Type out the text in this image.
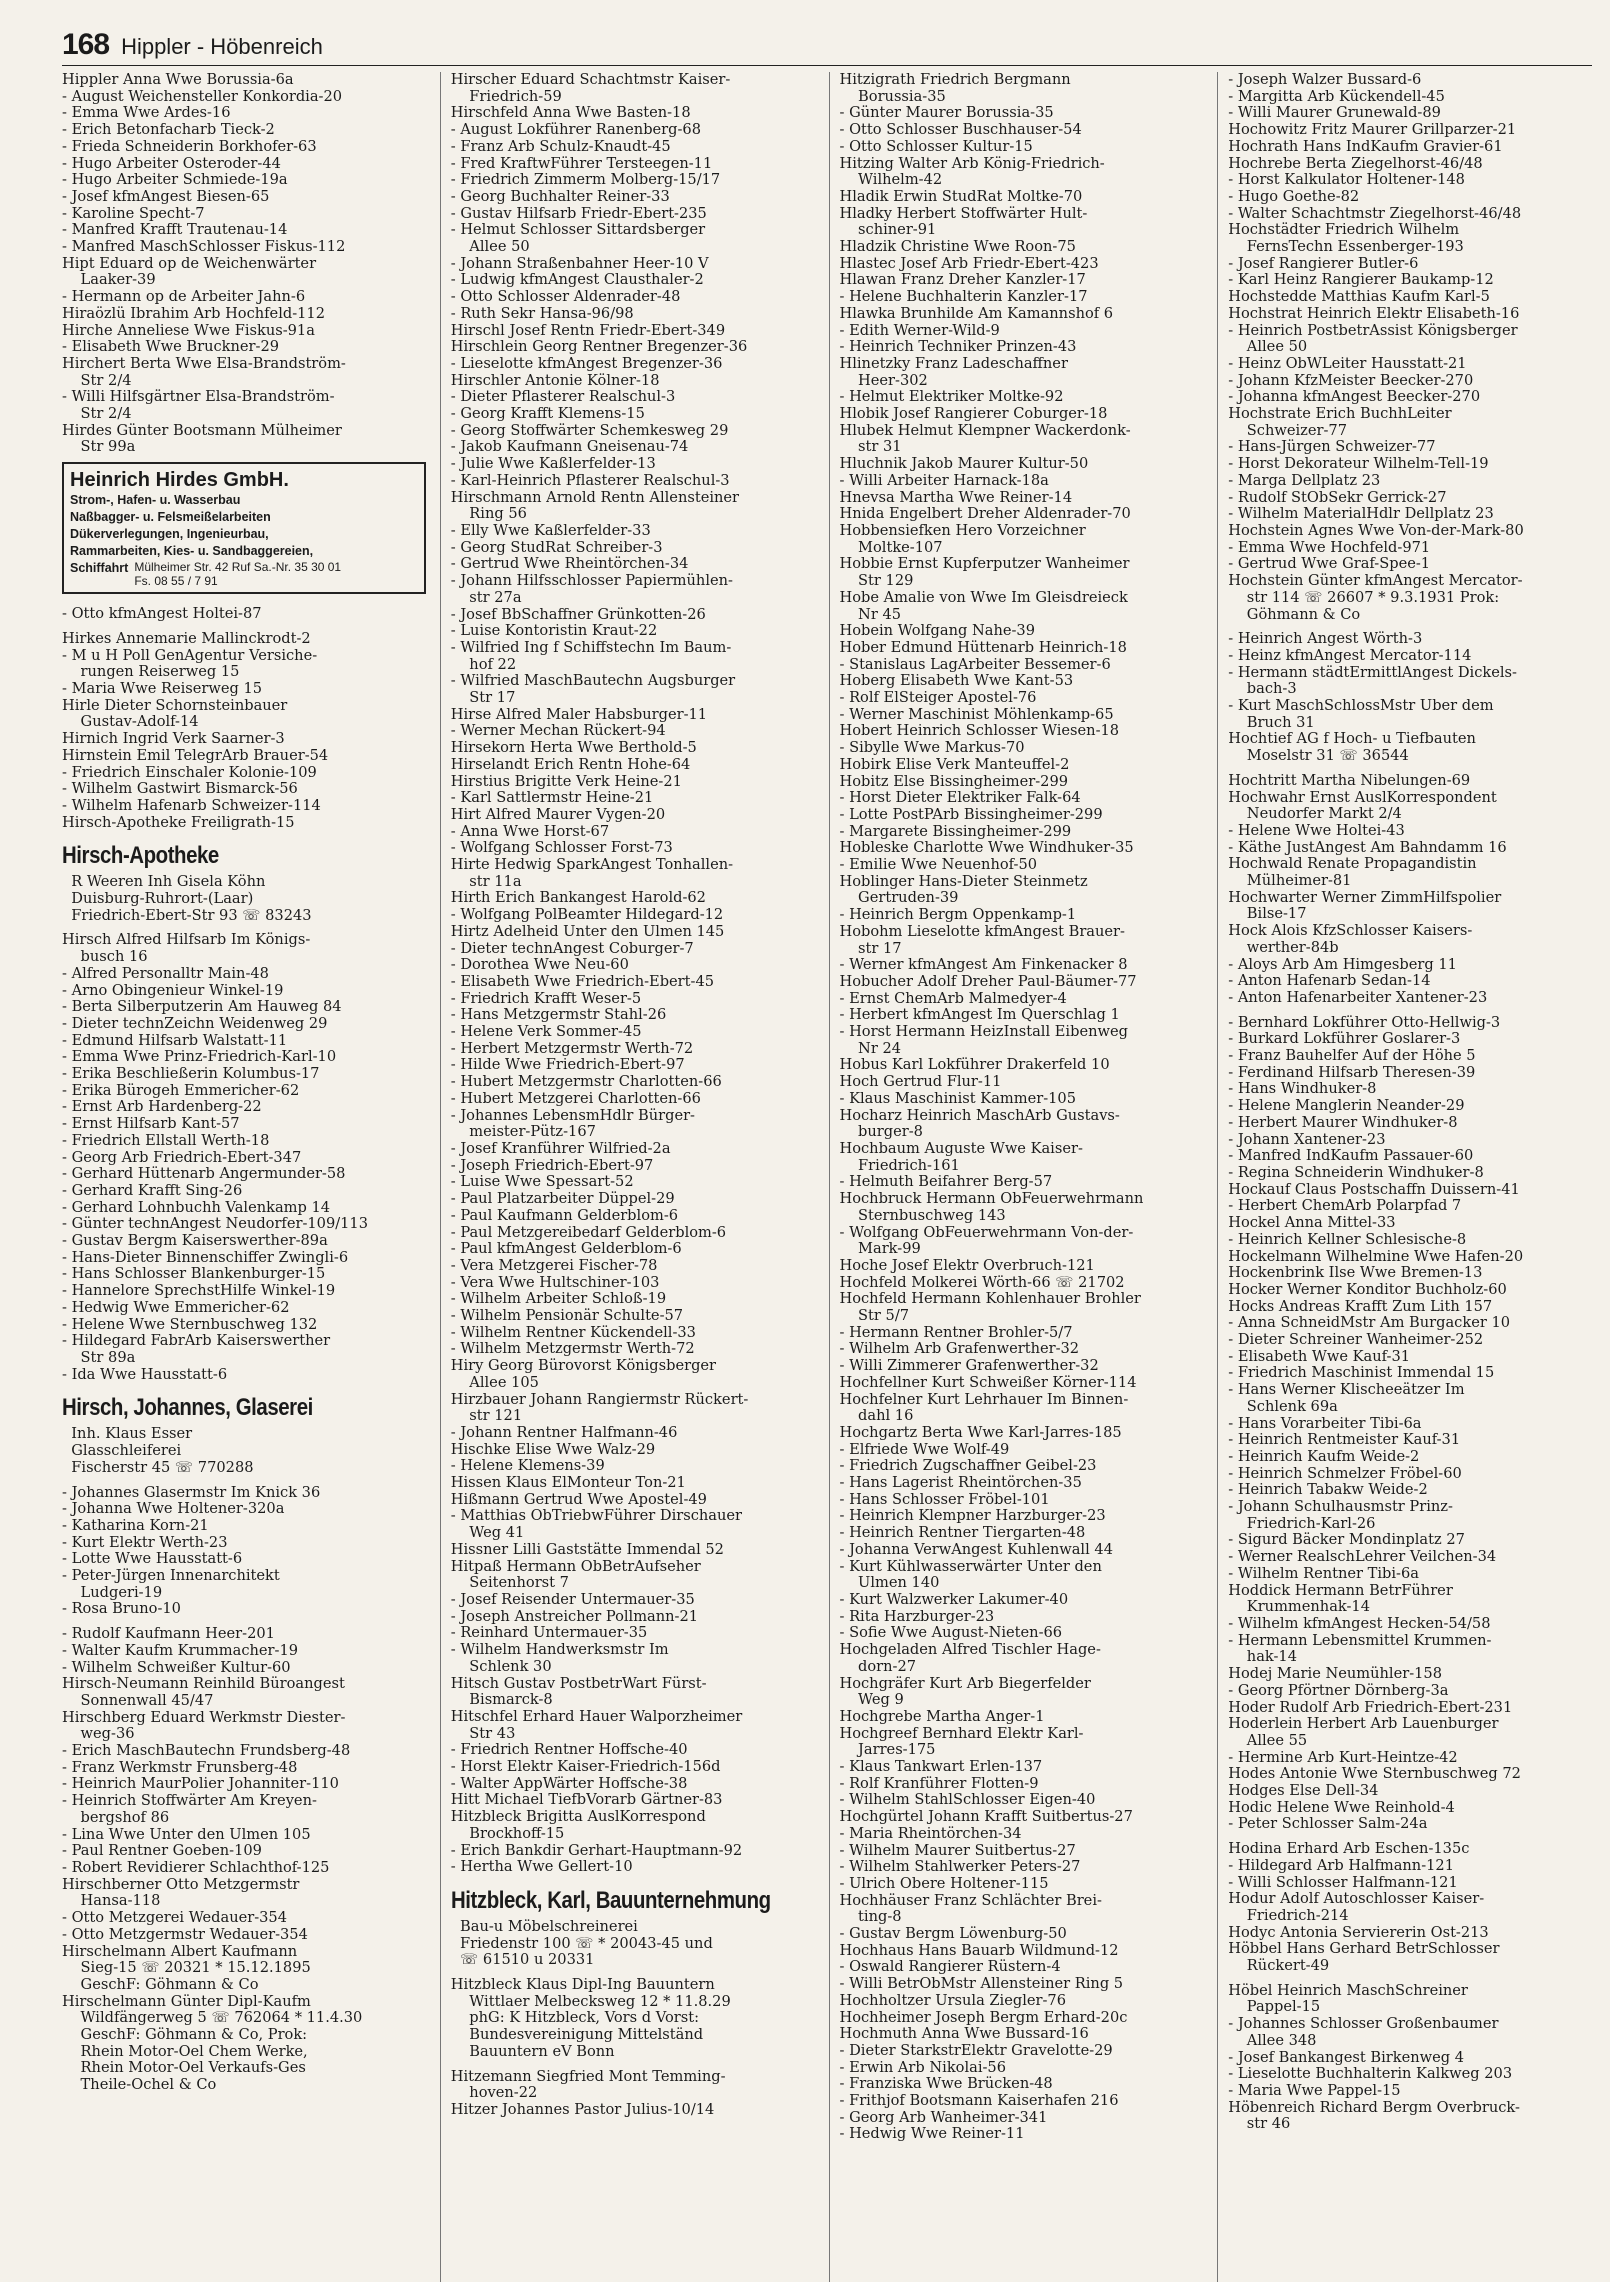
168 Hippler - Höbenreich
Hippler Anna Wwe Borussia-6a
- August Weichensteller Konkordia-20
- Emma Wwe Ardes-16
- Erich Betonfacharb Tieck-2
- Frieda Schneiderin Borkhofer-63
- Hugo Arbeiter Osteroder-44
- Hugo Arbeiter Schmiede-19a
- Josef kfmAngest Biesen-65
- Karoline Specht-7
- Manfred Krafft Trautenau-14
- Manfred MaschSchlosser Fiskus-112
Hipt Eduard op de Weichenwärter
Laaker-39
- Hermann op de Arbeiter Jahn-6
Hiraözlü Ibrahim Arb Hochfeld-112
Hirche Anneliese Wwe Fiskus-91a
- Elisabeth Wwe Bruckner-29
Hirchert Berta Wwe Elsa-Brandström-
Str 2/4
- Willi Hilfsgärtner Elsa-Brandström-
Str 2/4
Hirdes Günter Bootsmann Mülheimer
Str 99a
Heinrich Hirdes GmbH.
Strom-, Hafen- u. Wasserbau
Naßbagger- u. Felsmeißelarbeiten
Dükerverlegungen, Ingenieurbau,
Rammarbeiten, Kies- u. Sandbaggereien,
Schiffahrt Mülheimer Str. 42 Ruf Sa.-Nr. 35 30 01
Fs. 08 55 / 7 91
- Otto kfmAngest Holtei-87

Hirkes Annemarie Mallinckrodt-2
- M u H Poll GenAgentur Versiche-
rungen Reiserweg 15
- Maria Wwe Reiserweg 15
Hirle Dieter Schornsteinbauer
Gustav-Adolf-14
Hirnich Ingrid Verk Saarner-3
Hirnstein Emil TelegrArb Brauer-54
- Friedrich Einschaler Kolonie-109
- Wilhelm Gastwirt Bismarck-56
- Wilhelm Hafenarb Schweizer-114
Hirsch-Apotheke Freiligrath-15
Hirsch-Apotheke
R Weeren Inh Gisela Köhn
Duisburg-Ruhrort-(Laar)
Friedrich-Ebert-Str 93 ☏ 83243

Hirsch Alfred Hilfsarb Im Königs-
busch 16
- Alfred Personalltr Main-48
- Arno Obingenieur Winkel-19
- Berta Silberputzerin Am Hauweg 84
- Dieter technZeichn Weidenweg 29
- Edmund Hilfsarb Walstatt-11
- Emma Wwe Prinz-Friedrich-Karl-10
- Erika Beschließerin Kolumbus-17
- Erika Bürogeh Emmericher-62
- Ernst Arb Hardenberg-22
- Ernst Hilfsarb Kant-57
- Friedrich Ellstall Werth-18
- Georg Arb Friedrich-Ebert-347
- Gerhard Hüttenarb Angermunder-58
- Gerhard Krafft Sing-26
- Gerhard Lohnbuchh Valenkamp 14
- Günter technAngest Neudorfer-109/113
- Gustav Bergm Kaiserswerther-89a
- Hans-Dieter Binnenschiffer Zwingli-6
- Hans Schlosser Blankenburger-15
- Hannelore SprechstHilfe Winkel-19
- Hedwig Wwe Emmericher-62
- Helene Wwe Sternbuschweg 132
- Hildegard FabrArb Kaiserswerther
Str 89a
- Ida Wwe Hausstatt-6
Hirsch, Johannes, Glaserei
Inh. Klaus Esser
Glasschleiferei
Fischerstr 45 ☏ 770288

- Johannes Glasermstr Im Knick 36
- Johanna Wwe Holtener-320a
- Katharina Korn-21
- Kurt Elektr Werth-23
- Lotte Wwe Hausstatt-6
- Peter-Jürgen Innenarchitekt
Ludgeri-19
- Rosa Bruno-10

- Rudolf Kaufmann Heer-201
- Walter Kaufm Krummacher-19
- Wilhelm Schweißer Kultur-60
Hirsch-Neumann Reinhild Büroangest
Sonnenwall 45/47
Hirschberg Eduard Werkmstr Diester-
weg-36
- Erich MaschBautechn Frundsberg-48
- Franz Werkmstr Frunsberg-48
- Heinrich MaurPolier Johanniter-110
- Heinrich Stoffwärter Am Kreyen-
bergshof 86
- Lina Wwe Unter den Ulmen 105
- Paul Rentner Goeben-109
- Robert Revidierer Schlachthof-125
Hirschberner Otto Metzgermstr
Hansa-118
- Otto Metzgerei Wedauer-354
- Otto Metzgermstr Wedauer-354
Hirschelmann Albert Kaufmann
Sieg-15 ☏ 20321 * 15.12.1895
GeschF: Göhmann & Co
Hirschelmann Günter Dipl-Kaufm
Wildfängerweg 5 ☏ 762064 * 11.4.30
GeschF: Göhmann & Co, Prok:
Rhein Motor-Oel Chem Werke,
Rhein Motor-Oel Verkaufs-Ges
Theile-Ochel & Co
Hirscher Eduard Schachtmstr Kaiser-
Friedrich-59
Hirschfeld Anna Wwe Basten-18
- August Lokführer Ranenberg-68
- Franz Arb Schulz-Knaudt-45
- Fred KraftwFührer Tersteegen-11
- Friedrich Zimmerm Molberg-15/17
- Georg Buchhalter Reiner-33
- Gustav Hilfsarb Friedr-Ebert-235
- Helmut Schlosser Sittardsberger
Allee 50
- Johann Straßenbahner Heer-10 V
- Ludwig kfmAngest Clausthaler-2
- Otto Schlosser Aldenrader-48
- Ruth Sekr Hansa-96/98
Hirschl Josef Rentn Friedr-Ebert-349
Hirschlein Georg Rentner Bregenzer-36
- Lieselotte kfmAngest Bregenzer-36
Hirschler Antonie Kölner-18
- Dieter Pflasterer Realschul-3
- Georg Krafft Klemens-15
- Georg Stoffwärter Schemkesweg 29
- Jakob Kaufmann Gneisenau-74
- Julie Wwe Kaßlerfelder-13
- Karl-Heinrich Pflasterer Realschul-3
Hirschmann Arnold Rentn Allensteiner
Ring 56
- Elly Wwe Kaßlerfelder-33
- Georg StudRat Schreiber-3
- Gertrud Wwe Rheintörchen-34
- Johann Hilfsschlosser Papiermühlen-
str 27a
- Josef BbSchaffner Grünkotten-26
- Luise Kontoristin Kraut-22
- Wilfried Ing f Schiffstechn Im Baum-
hof 22
- Wilfried MaschBautechn Augsburger
Str 17
Hirse Alfred Maler Habsburger-11
- Werner Mechan Rückert-94
Hirsekorn Herta Wwe Berthold-5
Hirselandt Erich Rentn Hohe-64
Hirstius Brigitte Verk Heine-21
- Karl Sattlermstr Heine-21
Hirt Alfred Maurer Vygen-20
- Anna Wwe Horst-67
- Wolfgang Schlosser Forst-73
Hirte Hedwig SparkAngest Tonhallen-
str 11a
Hirth Erich Bankangest Harold-62
- Wolfgang PolBeamter Hildegard-12
Hirtz Adelheid Unter den Ulmen 145
- Dieter technAngest Coburger-7
- Dorothea Wwe Neu-60
- Elisabeth Wwe Friedrich-Ebert-45
- Friedrich Krafft Weser-5
- Hans Metzgermstr Stahl-26
- Helene Verk Sommer-45
- Herbert Metzgermstr Werth-72
- Hilde Wwe Friedrich-Ebert-97
- Hubert Metzgermstr Charlotten-66
- Hubert Metzgerei Charlotten-66
- Johannes LebensmHdlr Bürger-
meister-Pütz-167
- Josef Kranführer Wilfried-2a
- Joseph Friedrich-Ebert-97
- Luise Wwe Spessart-52
- Paul Platzarbeiter Düppel-29
- Paul Kaufmann Gelderblom-6
- Paul Metzgereibedarf Gelderblom-6
- Paul kfmAngest Gelderblom-6
- Vera Metzgerei Fischer-78
- Vera Wwe Hultschiner-103
- Wilhelm Arbeiter Schloß-19
- Wilhelm Pensionär Schulte-57
- Wilhelm Rentner Kückendell-33
- Wilhelm Metzgermstr Werth-72
Hiry Georg Bürovorst Königsberger
Allee 105
Hirzbauer Johann Rangiermstr Rückert-
str 121
- Johann Rentner Halfmann-46
Hischke Elise Wwe Walz-29
- Helene Klemens-39
Hissen Klaus ElMonteur Ton-21
Hißmann Gertrud Wwe Apostel-49
- Matthias ObTriebwFührer Dirschauer
Weg 41
Hissner Lilli Gaststätte Immendal 52
Hitpaß Hermann ObBetrAufseher
Seitenhorst 7
- Josef Reisender Untermauer-35
- Joseph Anstreicher Pollmann-21
- Reinhard Untermauer-35
- Wilhelm Handwerksmstr Im
Schlenk 30
Hitsch Gustav PostbetrWart Fürst-
Bismarck-8
Hitschfel Erhard Hauer Walporzheimer
Str 43
- Friedrich Rentner Hoffsche-40
- Horst Elektr Kaiser-Friedrich-156d
- Walter AppWärter Hoffsche-38
Hitt Michael TiefbVorarb Gärtner-83
Hitzbleck Brigitta AuslKorrespond
Brockhoff-15
- Erich Bankdir Gerhart-Hauptmann-92
- Hertha Wwe Gellert-10
Hitzbleck, Karl, Bauunternehmung
Bau-u Möbelschreinerei
Friedenstr 100 ☏ * 20043-45 und
☏ 61510 u 20331

Hitzbleck Klaus Dipl-Ing Bauuntern
Wittlaer Melbecksweg 12 * 11.8.29
phG: K Hitzbleck, Vors d Vorst:
Bundesvereinigung Mittelständ
Bauuntern eV Bonn

Hitzemann Siegfried Mont Temming-
hoven-22
Hitzer Johannes Pastor Julius-10/14
Hitzigrath Friedrich Bergmann
Borussia-35
- Günter Maurer Borussia-35
- Otto Schlosser Buschhauser-54
- Otto Schlosser Kultur-15
Hitzing Walter Arb König-Friedrich-
Wilhelm-42
Hladik Erwin StudRat Moltke-70
Hladky Herbert Stoffwärter Hult-
schiner-91
Hladzik Christine Wwe Roon-75
Hlastec Josef Arb Friedr-Ebert-423
Hlawan Franz Dreher Kanzler-17
- Helene Buchhalterin Kanzler-17
Hlawka Brunhilde Am Kamannshof 6
- Edith Werner-Wild-9
- Heinrich Techniker Prinzen-43
Hlinetzky Franz Ladeschaffner
Heer-302
- Helmut Elektriker Moltke-92
Hlobik Josef Rangierer Coburger-18
Hlubek Helmut Klempner Wackerdonk-
str 31
Hluchnik Jakob Maurer Kultur-50
- Willi Arbeiter Harnack-18a
Hnevsa Martha Wwe Reiner-14
Hnida Engelbert Dreher Aldenrader-70
Hobbensiefken Hero Vorzeichner
Moltke-107
Hobbie Ernst Kupferputzer Wanheimer
Str 129
Hobe Amalie von Wwe Im Gleisdreieck
Nr 45
Hobein Wolfgang Nahe-39
Hober Edmund Hüttenarb Heinrich-18
- Stanislaus LagArbeiter Bessemer-6
Hoberg Elisabeth Wwe Kant-53
- Rolf ElSteiger Apostel-76
- Werner Maschinist Möhlenkamp-65
Hobert Heinrich Schlosser Wiesen-18
- Sibylle Wwe Markus-70
Hobirk Elise Verk Manteuffel-2
Hobitz Else Bissingheimer-299
- Horst Dieter Elektriker Falk-64
- Lotte PostPArb Bissingheimer-299
- Margarete Bissingheimer-299
Hobleske Charlotte Wwe Windhuker-35
- Emilie Wwe Neuenhof-50
Hoblinger Hans-Dieter Steinmetz
Gertruden-39
- Heinrich Bergm Oppenkamp-1
Hobohm Lieselotte kfmAngest Brauer-
str 17
- Werner kfmAngest Am Finkenacker 8
Hobucher Adolf Dreher Paul-Bäumer-77
- Ernst ChemArb Malmedyer-4
- Herbert kfmAngest Im Querschlag 1
- Horst Hermann HeizInstall Eibenweg
Nr 24
Hobus Karl Lokführer Drakerfeld 10
Hoch Gertrud Flur-11
- Klaus Maschinist Kammer-105
Hocharz Heinrich MaschArb Gustavs-
burger-8
Hochbaum Auguste Wwe Kaiser-
Friedrich-161
- Helmuth Beifahrer Berg-57
Hochbruck Hermann ObFeuerwehrmann
Sternbuschweg 143
- Wolfgang ObFeuerwehrmann Von-der-
Mark-99
Hoche Josef Elektr Overbruch-121
Hochfeld Molkerei Wörth-66 ☏ 21702
Hochfeld Hermann Kohlenhauer Brohler
Str 5/7
- Hermann Rentner Brohler-5/7
- Wilhelm Arb Grafenwerther-32
- Willi Zimmerer Grafenwerther-32
Hochfellner Kurt Schweißer Körner-114
Hochfelner Kurt Lehrhauer Im Binnen-
dahl 16
Hochgartz Berta Wwe Karl-Jarres-185
- Elfriede Wwe Wolf-49
- Friedrich Zugschaffner Geibel-23
- Hans Lagerist Rheintörchen-35
- Hans Schlosser Fröbel-101
- Heinrich Klempner Harzburger-23
- Heinrich Rentner Tiergarten-48
- Johanna VerwAngest Kuhlenwall 44
- Kurt Kühlwasserwärter Unter den
Ulmen 140
- Kurt Walzwerker Lakumer-40
- Rita Harzburger-23
- Sofie Wwe August-Nieten-66
Hochgeladen Alfred Tischler Hage-
dorn-27
Hochgräfer Kurt Arb Biegerfelder
Weg 9
Hochgrebe Martha Anger-1
Hochgreef Bernhard Elektr Karl-
Jarres-175
- Klaus Tankwart Erlen-137
- Rolf Kranführer Flotten-9
- Wilhelm StahlSchlosser Eigen-40
Hochgürtel Johann Krafft Suitbertus-27
- Maria Rheintörchen-34
- Wilhelm Maurer Suitbertus-27
- Wilhelm Stahlwerker Peters-27
- Ulrich Obere Holtener-115
Hochhäuser Franz Schlächter Brei-
ting-8
- Gustav Bergm Löwenburg-50
Hochhaus Hans Bauarb Wildmund-12
- Oswald Rangierer Rüstern-4
- Willi BetrObMstr Allensteiner Ring 5
Hochholtzer Ursula Ziegler-76
Hochheimer Joseph Bergm Erhard-20c
Hochmuth Anna Wwe Bussard-16
- Dieter StarkstrElektr Gravelotte-29
- Erwin Arb Nikolai-56
- Franziska Wwe Brücken-48
- Frithjof Bootsmann Kaiserhafen 216
- Georg Arb Wanheimer-341
- Hedwig Wwe Reiner-11
- Joseph Walzer Bussard-6
- Margitta Arb Kückendell-45
- Willi Maurer Grunewald-89
Hochowitz Fritz Maurer Grillparzer-21
Hochrath Hans IndKaufm Gravier-61
Hochrebe Berta Ziegelhorst-46/48
- Horst Kalkulator Holtener-148
- Hugo Goethe-82
- Walter Schachtmstr Ziegelhorst-46/48
Hochstädter Friedrich Wilhelm
FernsTechn Essenberger-193
- Josef Rangierer Butler-6
- Karl Heinz Rangierer Baukamp-12
Hochstedde Matthias Kaufm Karl-5
Hochstrat Heinrich Elektr Elisabeth-16
- Heinrich PostbetrAssist Königsberger
Allee 50
- Heinz ObWLeiter Hausstatt-21
- Johann KfzMeister Beecker-270
- Johanna kfmAngest Beecker-270
Hochstrate Erich BuchhLeiter
Schweizer-77
- Hans-Jürgen Schweizer-77
- Horst Dekorateur Wilhelm-Tell-19
- Marga Dellplatz 23
- Rudolf StObSekr Gerrick-27
- Wilhelm MaterialHdlr Dellplatz 23
Hochstein Agnes Wwe Von-der-Mark-80
- Emma Wwe Hochfeld-971
- Gertrud Wwe Graf-Spee-1
Hochstein Günter kfmAngest Mercator-
str 114 ☏ 26607 * 9.3.1931 Prok:
Göhmann & Co

- Heinrich Angest Wörth-3
- Heinz kfmAngest Mercator-114
- Hermann städtErmittlAngest Dickels-
bach-3
- Kurt MaschSchlossMstr Über dem
Bruch 31
Hochtief AG f Hoch- u Tiefbauten
Moselstr 31 ☏ 36544

Hochtritt Martha Nibelungen-69
Hochwahr Ernst AuslKorrespondent
Neudorfer Markt 2/4
- Helene Wwe Holtei-43
- Käthe JustAngest Am Bahndamm 16
Hochwald Renate Propagandistin
Mülheimer-81
Hochwarter Werner ZimmHilfspolier
Bilse-17
Hock Alois KfzSchlosser Kaisers-
werther-84b
- Aloys Arb Am Himgesberg 11
- Anton Hafenarb Sedan-14
- Anton Hafenarbeiter Xantener-23

- Bernhard Lokführer Otto-Hellwig-3
- Burkard Lokführer Goslarer-3
- Franz Bauhelfer Auf der Höhe 5
- Ferdinand Hilfsarb Theresen-39
- Hans Windhuker-8
- Helene Manglerin Neander-29
- Herbert Maurer Windhuker-8
- Johann Xantener-23
- Manfred IndKaufm Passauer-60
- Regina Schneiderin Windhuker-8
Hockauf Claus Postschaffn Duissern-41
- Herbert ChemArb Polarpfad 7
Hockel Anna Mittel-33
- Heinrich Kellner Schlesische-8
Hockelmann Wilhelmine Wwe Hafen-20
Hockenbrink Ilse Wwe Bremen-13
Hocker Werner Konditor Buchholz-60
Hocks Andreas Krafft Zum Lith 157
- Anna SchneidMstr Am Burgacker 10
- Dieter Schreiner Wanheimer-252
- Elisabeth Wwe Kauf-31
- Friedrich Maschinist Immendal 15
- Hans Werner Klischeeätzer Im
Schlenk 69a
- Hans Vorarbeiter Tibi-6a
- Heinrich Rentmeister Kauf-31
- Heinrich Kaufm Weide-2
- Heinrich Schmelzer Fröbel-60
- Heinrich Tabakw Weide-2
- Johann Schulhausmstr Prinz-
Friedrich-Karl-26
- Sigurd Bäcker Mondinplatz 27
- Werner RealschLehrer Veilchen-34
- Wilhelm Rentner Tibi-6a
Hoddick Hermann BetrFührer
Krummenhak-14
- Wilhelm kfmAngest Hecken-54/58
- Hermann Lebensmittel Krummen-
hak-14
Hodej Marie Neumühler-158
- Georg Pförtner Dörnberg-3a
Hoder Rudolf Arb Friedrich-Ebert-231
Hoderlein Herbert Arb Lauenburger
Allee 55
- Hermine Arb Kurt-Heintze-42
Hodes Antonie Wwe Sternbuschweg 72
Hodges Else Dell-34
Hodic Helene Wwe Reinhold-4
- Peter Schlosser Salm-24a

Hodina Erhard Arb Eschen-135c
- Hildegard Arb Halfmann-121
- Willi Schlosser Halfmann-121
Hodur Adolf Autoschlosser Kaiser-
Friedrich-214
Hodyc Antonia Serviererin Ost-213
Höbbel Hans Gerhard BetrSchlosser
Rückert-49

Höbel Heinrich MaschSchreiner
Pappel-15
- Johannes Schlosser Großenbaumer
Allee 348
- Josef Bankangest Birkenweg 4
- Lieselotte Buchhalterin Kalkweg 203
- Maria Wwe Pappel-15
Höbenreich Richard Bergm Overbruck-
str 46
